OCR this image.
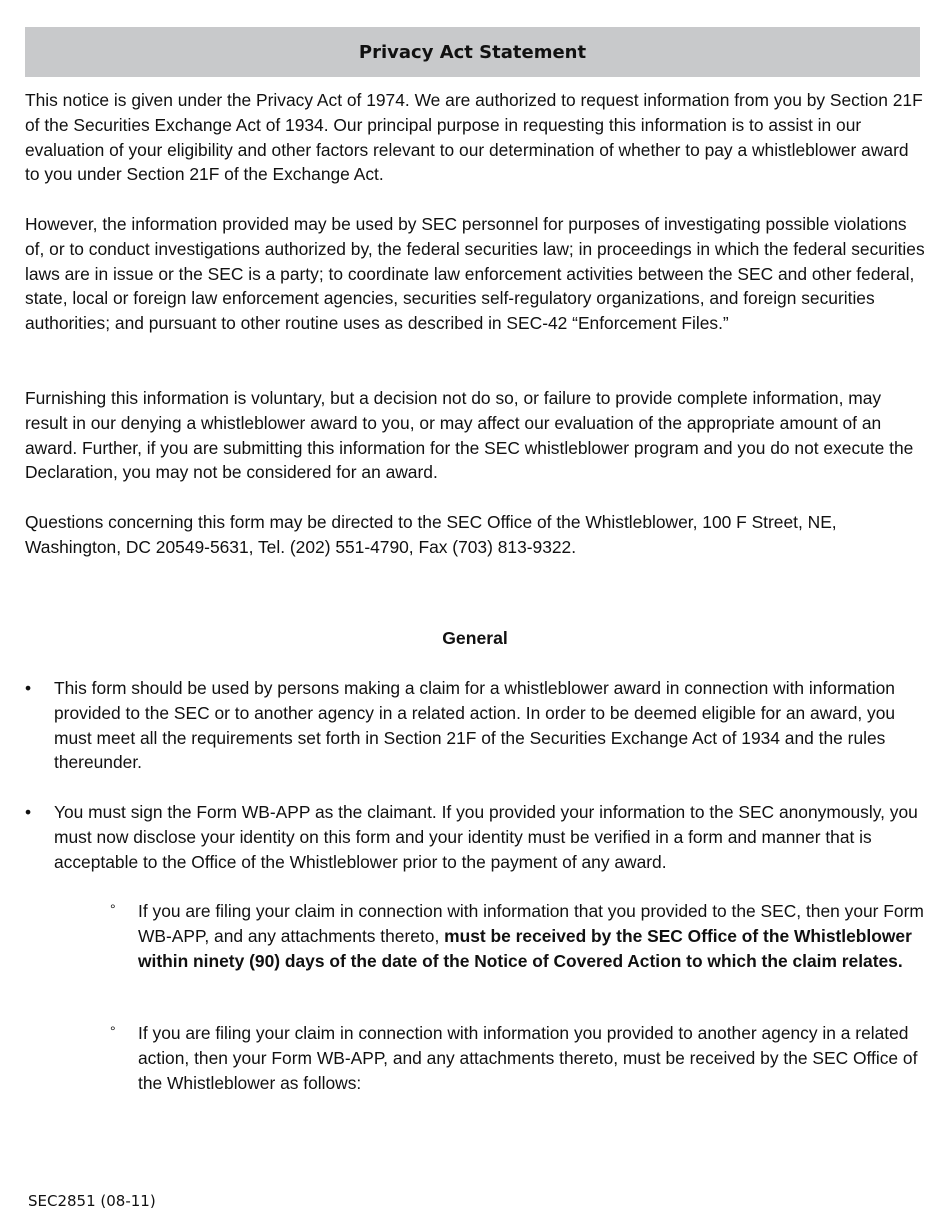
Privacy Act Statement

This notice is given under the Privacy Act of 1974. We are authorized to request information from you by Section 21F of the Securities Exchange Act of 1934. Our principal purpose in requesting this information is to assist in our evaluation of your eligibility and other factors relevant to our determination of whether to pay a whistleblower award to you under Section 21F of the Exchange Act.

However, the information provided may be used by SEC personnel for purposes of investigating possible violations of, or to conduct investigations authorized by, the federal securities law; in proceedings in which the federal securities laws are in issue or the SEC is a party; to coordinate law enforcement activities between the SEC and other federal, state, local or foreign law enforcement agencies, securities self-regulatory organizations, and foreign securities authorities; and pursuant to other routine uses as described in SEC-42 “Enforcement Files.”

Furnishing this information is voluntary, but a decision not do so, or failure to provide complete information, may result in our denying a whistleblower award to you, or may affect our evaluation of the appropriate amount of an award. Further, if you are submitting this information for the SEC whistleblower program and you do not execute the Declaration, you may not be considered for an award.

Questions concerning this form may be directed to the SEC Office of the Whistleblower, 100 F Street, NE, Washington, DC 20549-5631, Tel. (202) 551-4790, Fax (703) 813-9322.

General
•	This form should be used by persons making a claim for a whistleblower award in connection with information provided to the SEC or to another agency in a related action. In order to be deemed eligible for an award, you must meet all the requirements set forth in Section 21F of the Securities Exchange Act of 1934 and the rules thereunder.

•	You must sign the Form WB-APP as the claimant. If you provided your information to the SEC anonymously, you must now disclose your identity on this form and your identity must be verified in a form and manner that is acceptable to the Office of the Whistleblower prior to the payment of any award.

°	If you are filing your claim in connection with information that you provided to the SEC, then your Form WB-APP, and any attachments thereto, must be received by the SEC Office of the Whistleblower within ninety (90) days of the date of the Notice of Covered Action to which the claim relates.

°	If you are filing your claim in connection with information you provided to another agency in a related action, then your Form WB-APP, and any attachments thereto, must be received by the SEC Office of the Whistleblower as follows:

SEC2851 (08-11)
